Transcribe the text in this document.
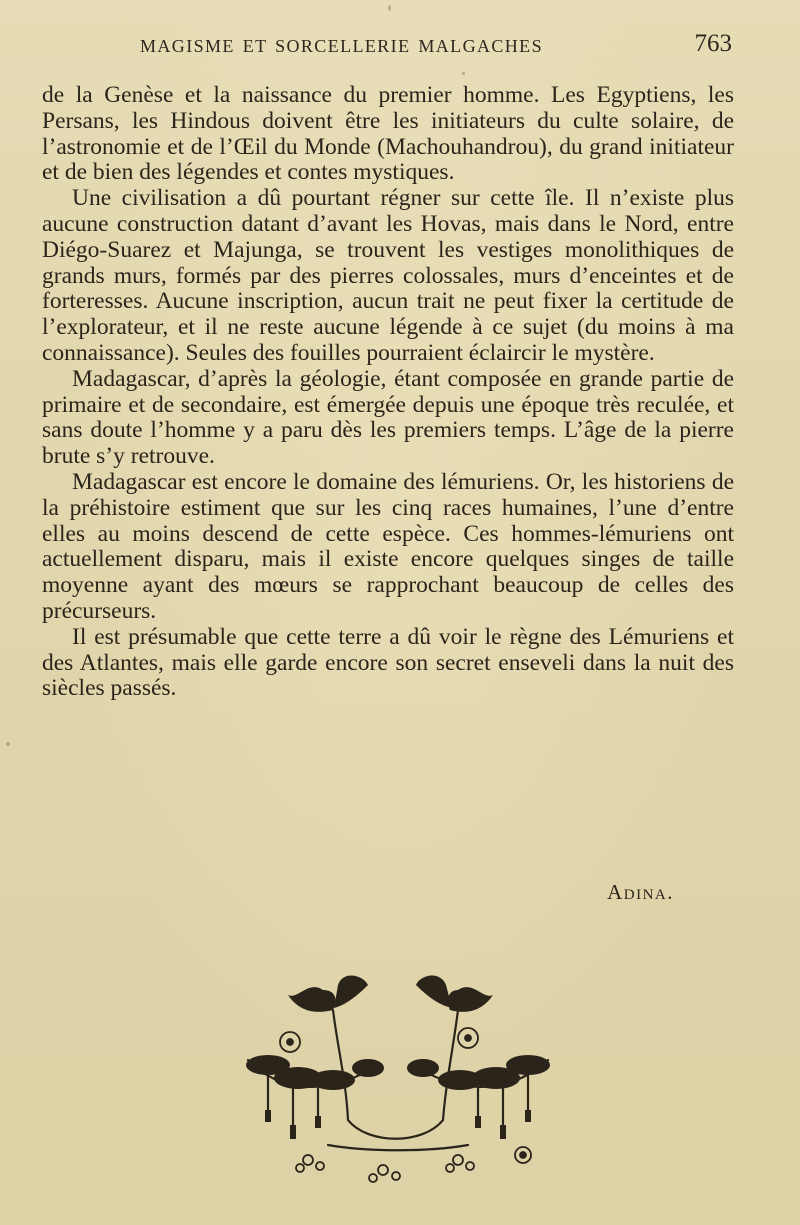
MAGISME ET SORCELLERIE MALGACHES	763

de la Genèse et la naissance du premier homme. Les Egyptiens, les Persans, les Hindous doivent être les initiateurs du culte solaire, de l’astronomie et de l’Œil du Monde (Machouhandrou), du grand initiateur et de bien des légendes et contes mystiques.

Une civilisation a dû pourtant régner sur cette île. Il n’existe plus aucune construction datant d’avant les Hovas, mais dans le Nord, entre Diégo-Suarez et Majunga, se trouvent les vestiges monolithiques de grands murs, formés par des pierres colossales, murs d’enceintes et de forteresses. Aucune inscription, aucun trait ne peut fixer la certitude de l’explorateur, et il ne reste aucune légende à ce sujet (du moins à ma connaissance). Seules des fouilles pourraient éclaircir le mystère.

Madagascar, d’après la géologie, étant composée en grande partie de primaire et de secondaire, est émergée depuis une époque très reculée, et sans doute l’homme y a paru dès les premiers temps. L’âge de la pierre brute s’y retrouve.

Madagascar est encore le domaine des lémuriens. Or, les historiens de la préhistoire estiment que sur les cinq races humaines, l’une d’entre elles au moins descend de cette espèce. Ces hommes-lémuriens ont actuellement disparu, mais il existe encore quelques singes de taille moyenne ayant des mœurs se rapprochant beaucoup de celles des précurseurs.

Il est présumable que cette terre a dû voir le règne des Lémuriens et des Atlantes, mais elle garde encore son secret enseveli dans la nuit des siècles passés.

Adina.
